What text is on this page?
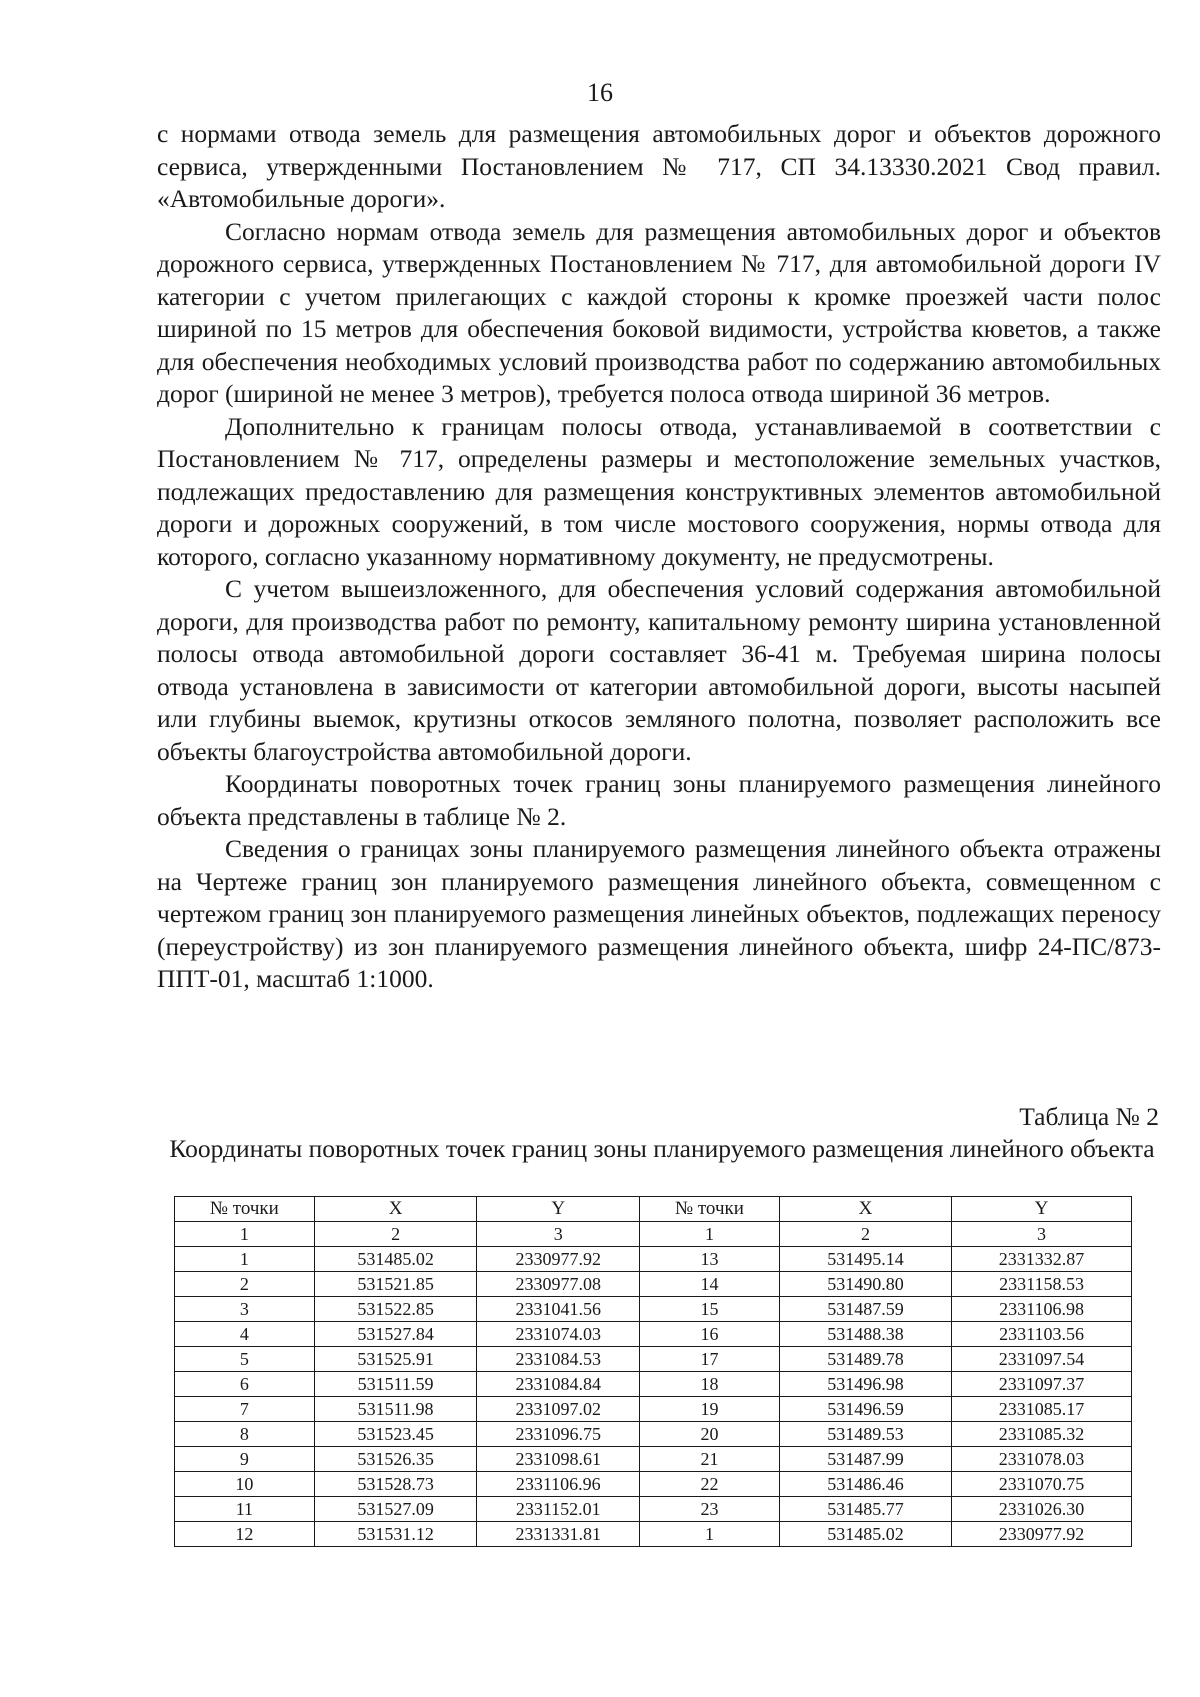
16

с нормами отвода земель для размещения автомобильных дорог и объектов дорожного сервиса, утвержденными Постановлением № 717, СП 34.13330.2021 Свод правил. «Автомобильные дороги».

Согласно нормам отвода земель для размещения автомобильных дорог и объектов дорожного сервиса, утвержденных Постановлением № 717, для автомобильной дороги IV категории с учетом прилегающих с каждой стороны к кромке проезжей части полос шириной по 15 метров для обеспечения боковой видимости, устройства кюветов, а также для обеспечения необходимых условий производства работ по содержанию автомобильных дорог (шириной не менее 3 метров), требуется полоса отвода шириной 36 метров.

Дополнительно к границам полосы отвода, устанавливаемой в соответствии с Постановлением № 717, определены размеры и местоположение земельных участков, подлежащих предоставлению для размещения конструктивных элементов автомобильной дороги и дорожных сооружений, в том числе мостового сооружения, нормы отвода для которого, согласно указанному нормативному документу, не предусмотрены.

С учетом вышеизложенного, для обеспечения условий содержания автомобильной дороги, для производства работ по ремонту, капитальному ремонту ширина установленной полосы отвода автомобильной дороги составляет 36-41 м. Требуемая ширина полосы отвода установлена в зависимости от категории автомобильной дороги, высоты насыпей или глубины выемок, крутизны откосов земляного полотна, позволяет расположить все объекты благоустройства автомобильной дороги.

Координаты поворотных точек границ зоны планируемого размещения линейного объекта представлены в таблице № 2.

Сведения о границах зоны планируемого размещения линейного объекта отражены на Чертеже границ зон планируемого размещения линейного объекта, совмещенном с чертежом границ зон планируемого размещения линейных объектов, подлежащих переносу (переустройству) из зон планируемого размещения линейного объекта, шифр 24-ПС/873-ППТ-01, масштаб 1:1000.

Таблица № 2
Координаты поворотных точек границ зоны планируемого размещения линейного объекта
№ точки	X	Y	№ точки	X	Y
1	2	3	1	2	3
1	531485.02	2330977.92	13	531495.14	2331332.87
2	531521.85	2330977.08	14	531490.80	2331158.53
3	531522.85	2331041.56	15	531487.59	2331106.98
4	531527.84	2331074.03	16	531488.38	2331103.56
5	531525.91	2331084.53	17	531489.78	2331097.54
6	531511.59	2331084.84	18	531496.98	2331097.37
7	531511.98	2331097.02	19	531496.59	2331085.17
8	531523.45	2331096.75	20	531489.53	2331085.32
9	531526.35	2331098.61	21	531487.99	2331078.03
10	531528.73	2331106.96	22	531486.46	2331070.75
11	531527.09	2331152.01	23	531485.77	2331026.30
12	531531.12	2331331.81	1	531485.02	2330977.92
